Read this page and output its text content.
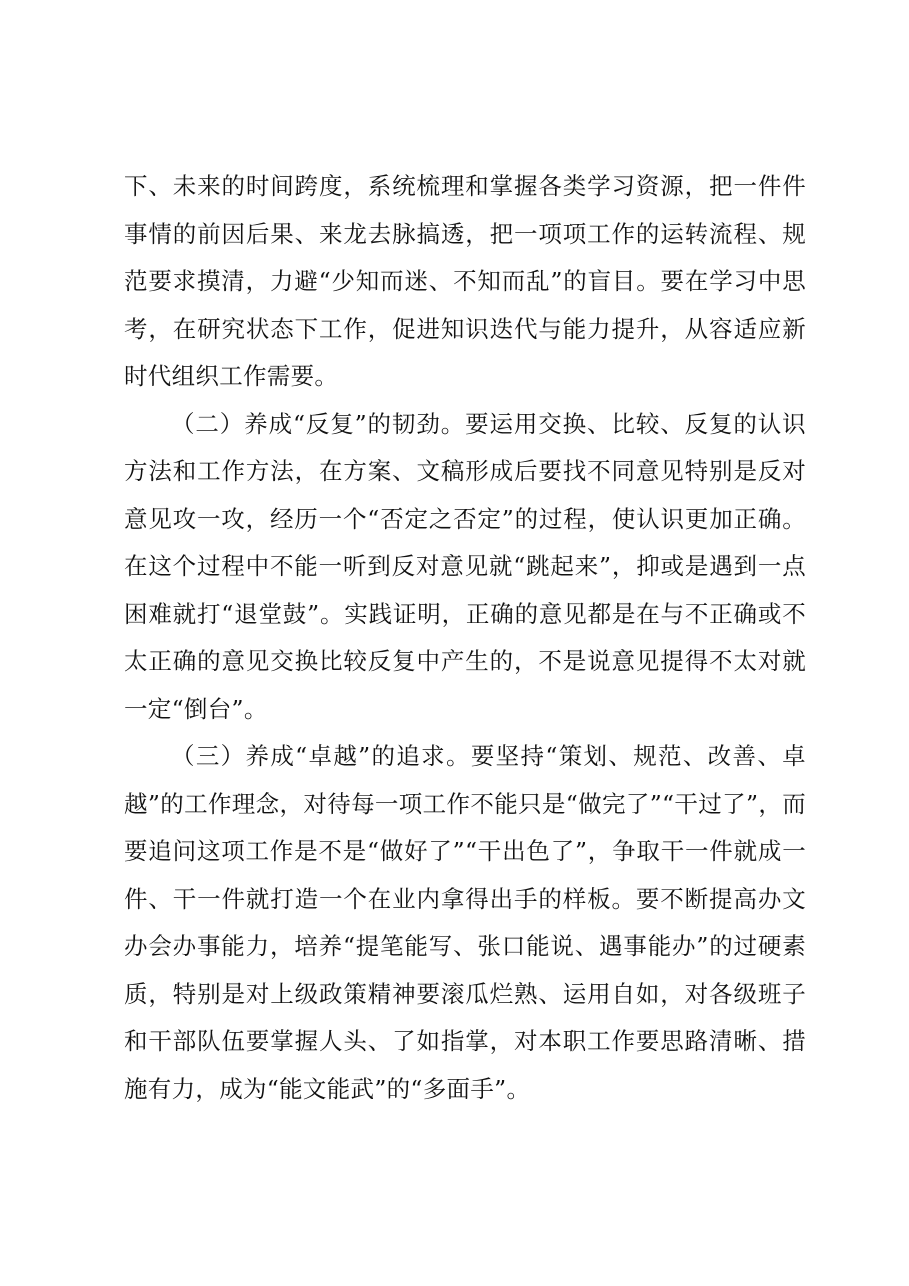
下、未来的时间跨度，系统梳理和掌握各类学习资源，把一件件事情的前因后果、来龙去脉搞透，把一项项工作的运转流程、规范要求摸清，力避“少知而迷、不知而乱”的盲目。要在学习中思考，在研究状态下工作，促进知识迭代与能力提升，从容适应新时代组织工作需要。

（二）养成“反复”的韧劲。要运用交换、比较、反复的认识方法和工作方法，在方案、文稿形成后要找不同意见特别是反对意见攻一攻，经历一个“否定之否定”的过程，使认识更加正确。在这个过程中不能一听到反对意见就“跳起来”，抑或是遇到一点困难就打“退堂鼓”。实践证明，正确的意见都是在与不正确或不太正确的意见交换比较反复中产生的，不是说意见提得不太对就一定“倒台”。

（三）养成“卓越”的追求。要坚持“策划、规范、改善、卓越”的工作理念，对待每一项工作不能只是“做完了”“干过了”，而要追问这项工作是不是“做好了”“干出色了”，争取干一件就成一件、干一件就打造一个在业内拿得出手的样板。要不断提高办文办会办事能力，培养“提笔能写、张口能说、遇事能办”的过硬素质，特别是对上级政策精神要滚瓜烂熟、运用自如，对各级班子和干部队伍要掌握人头、了如指掌，对本职工作要思路清晰、措施有力，成为“能文能武”的“多面手”。
